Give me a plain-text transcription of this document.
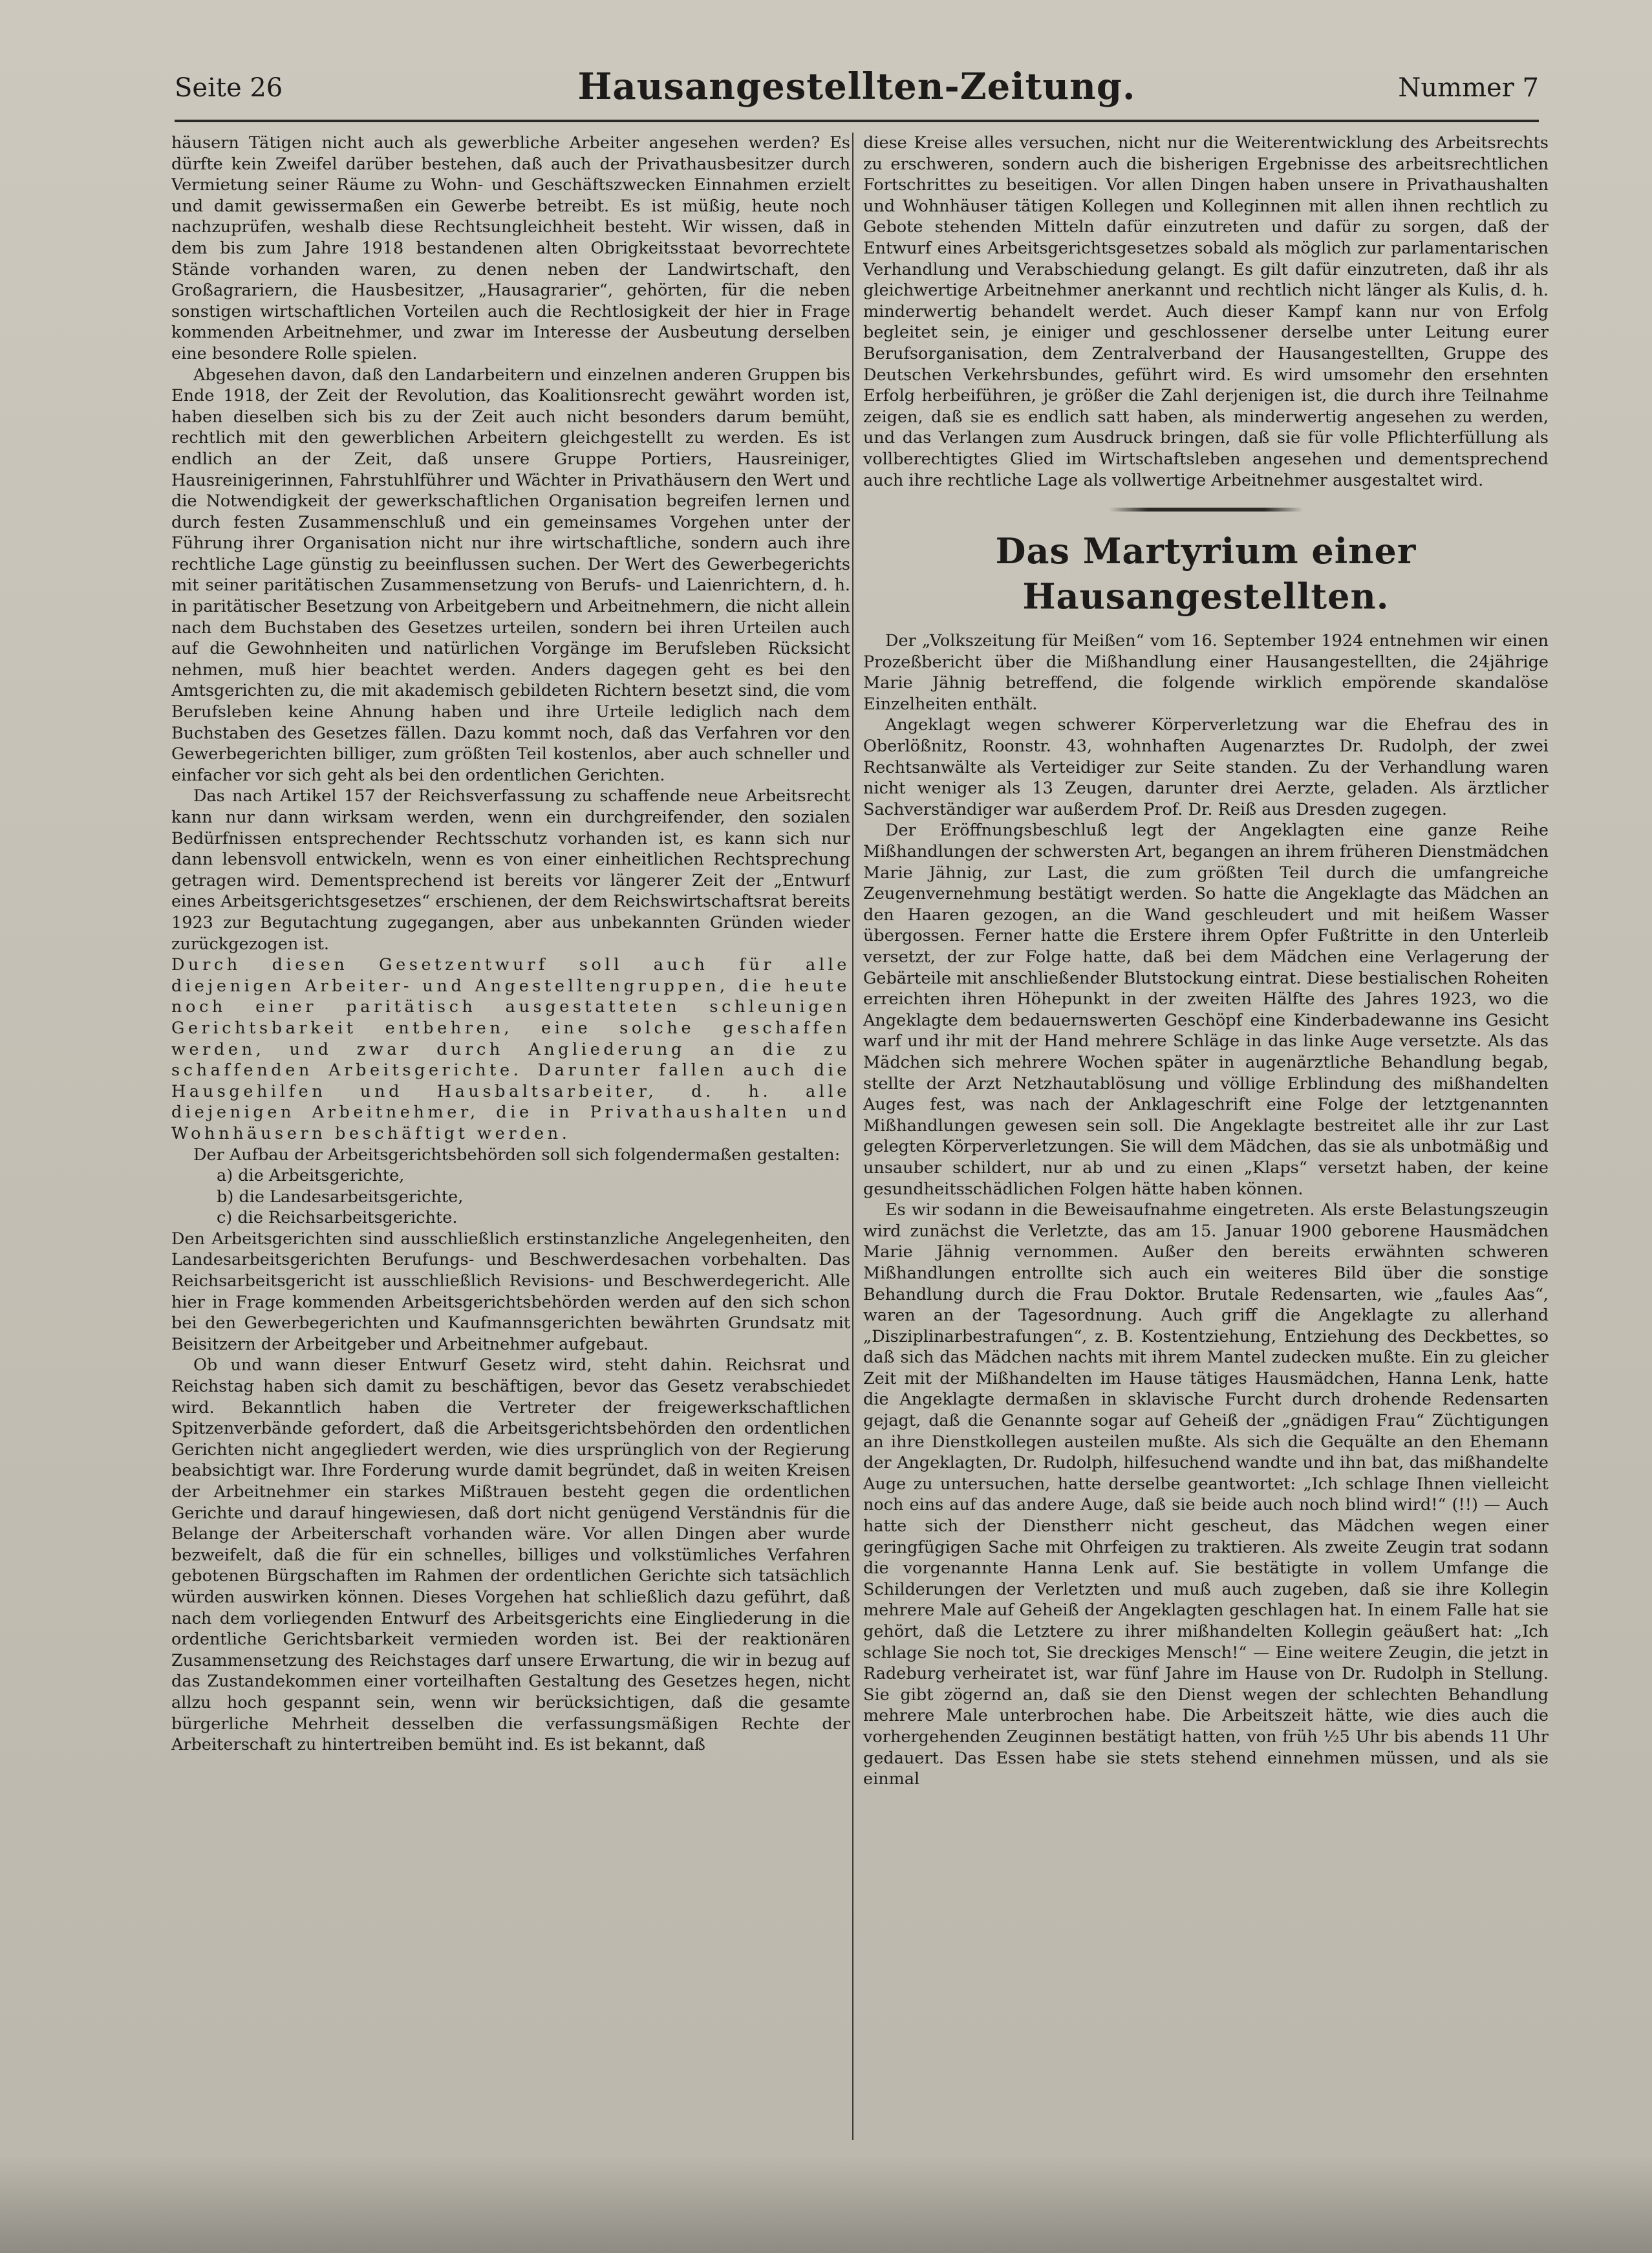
Seite 26	Hausangestellten-Zeitung.	Nummer 7

häusern Tätigen nicht auch als gewerbliche Arbeiter angesehen werden? Es dürfte kein Zweifel darüber bestehen, daß auch der Privathausbesitzer durch Vermietung seiner Räume zu Wohn- und Geschäftszwecken Einnahmen erzielt und damit gewissermaßen ein Gewerbe betreibt. Es ist müßig, heute noch nachzuprüfen, weshalb diese Rechtsungleichheit besteht. Wir wissen, daß in dem bis zum Jahre 1918 bestandenen alten Obrigkeitsstaat bevorrechtete Stände vorhanden waren, zu denen neben der Landwirtschaft, den Großagrariern, die Hausbesitzer, „Hausagrarier“, gehörten, für die neben sonstigen wirtschaftlichen Vorteilen auch die Rechtlosigkeit der hier in Frage kommenden Arbeitnehmer, und zwar im Interesse der Ausbeutung derselben eine besondere Rolle spielen.

Abgesehen davon, daß den Landarbeitern und einzelnen anderen Gruppen bis Ende 1918, der Zeit der Revolution, das Koalitionsrecht gewährt worden ist, haben dieselben sich bis zu der Zeit auch nicht besonders darum bemüht, rechtlich mit den gewerblichen Arbeitern gleichgestellt zu werden. Es ist endlich an der Zeit, daß unsere Gruppe Portiers, Hausreiniger, Hausreinigerinnen, Fahrstuhlführer und Wächter in Privathäusern den Wert und die Notwendigkeit der gewerkschaftlichen Organisation begreifen lernen und durch festen Zusammenschluß und ein gemeinsames Vorgehen unter der Führung ihrer Organisation nicht nur ihre wirtschaftliche, sondern auch ihre rechtliche Lage günstig zu beeinflussen suchen. Der Wert des Gewerbegerichts mit seiner paritätischen Zusammensetzung von Berufs- und Laienrichtern, d. h. in paritätischer Besetzung von Arbeitgebern und Arbeitnehmern, die nicht allein nach dem Buchstaben des Gesetzes urteilen, sondern bei ihren Urteilen auch auf die Gewohnheiten und natürlichen Vorgänge im Berufsleben Rücksicht nehmen, muß hier beachtet werden. Anders dagegen geht es bei den Amtsgerichten zu, die mit akademisch gebildeten Richtern besetzt sind, die vom Berufsleben keine Ahnung haben und ihre Urteile lediglich nach dem Buchstaben des Gesetzes fällen. Dazu kommt noch, daß das Verfahren vor den Gewerbegerichten billiger, zum größten Teil kostenlos, aber auch schneller und einfacher vor sich geht als bei den ordentlichen Gerichten.

Das nach Artikel 157 der Reichsverfassung zu schaffende neue Arbeitsrecht kann nur dann wirksam werden, wenn ein durchgreifender, den sozialen Bedürfnissen entsprechender Rechtsschutz vorhanden ist, es kann sich nur dann lebensvoll entwickeln, wenn es von einer einheitlichen Rechtsprechung getragen wird. Dementsprechend ist bereits vor längerer Zeit der „Entwurf eines Arbeitsgerichtsgesetzes“ erschienen, der dem Reichswirtschaftsrat bereits 1923 zur Begutachtung zugegangen, aber aus unbekannten Gründen wieder zurückgezogen ist.

Durch diesen Gesetzentwurf soll auch für alle diejenigen Arbeiter- und Angestelltengruppen, die heute noch einer paritätisch ausgestatteten schleunigen Gerichtsbarkeit entbehren, eine solche geschaffen werden, und zwar durch Angliederung an die zu schaffenden Arbeitsgerichte. Darunter fallen auch die Hausgehilfen und Hausbaltsarbeiter, d. h. alle diejenigen Arbeitnehmer, die in Privathaushalten und Wohnhäusern beschäftigt werden.

Der Aufbau der Arbeitsgerichtsbehörden soll sich folgendermaßen gestalten:

a) die Arbeitsgerichte,
b) die Landesarbeitsgerichte,
c) die Reichsarbeitsgerichte.

Den Arbeitsgerichten sind ausschließlich erstinstanzliche Angelegenheiten, den Landesarbeitsgerichten Berufungs- und Beschwerdesachen vorbehalten. Das Reichsarbeitsgericht ist ausschließlich Revisions- und Beschwerdegericht. Alle hier in Frage kommenden Arbeitsgerichtsbehörden werden auf den sich schon bei den Gewerbegerichten und Kaufmannsgerichten bewährten Grundsatz mit Beisitzern der Arbeitgeber und Arbeitnehmer aufgebaut.

Ob und wann dieser Entwurf Gesetz wird, steht dahin. Reichsrat und Reichstag haben sich damit zu beschäftigen, bevor das Gesetz verabschiedet wird. Bekanntlich haben die Vertreter der freigewerkschaftlichen Spitzenverbände gefordert, daß die Arbeitsgerichtsbehörden den ordentlichen Gerichten nicht angegliedert werden, wie dies ursprünglich von der Regierung beabsichtigt war. Ihre Forderung wurde damit begründet, daß in weiten Kreisen der Arbeitnehmer ein starkes Mißtrauen besteht gegen die ordentlichen Gerichte und darauf hingewiesen, daß dort nicht genügend Verständnis für die Belange der Arbeiterschaft vorhanden wäre. Vor allen Dingen aber wurde bezweifelt, daß die für ein schnelles, billiges und volkstümliches Verfahren gebotenen Bürgschaften im Rahmen der ordentlichen Gerichte sich tatsächlich würden auswirken können. Dieses Vorgehen hat schließlich dazu geführt, daß nach dem vorliegenden Entwurf des Arbeitsgerichts eine Eingliederung in die ordentliche Gerichtsbarkeit vermieden worden ist. Bei der reaktionären Zusammensetzung des Reichstages darf unsere Erwartung, die wir in bezug auf das Zustandekommen einer vorteilhaften Gestaltung des Gesetzes hegen, nicht allzu hoch gespannt sein, wenn wir berücksichtigen, daß die gesamte bürgerliche Mehrheit desselben die verfassungsmäßigen Rechte der Arbeiterschaft zu hintertreiben bemüht ind. Es ist bekannt, daß

diese Kreise alles versuchen, nicht nur die Weiterentwicklung des Arbeitsrechts zu erschweren, sondern auch die bisherigen Ergebnisse des arbeitsrechtlichen Fortschrittes zu beseitigen. Vor allen Dingen haben unsere in Privathaushalten und Wohnhäuser tätigen Kollegen und Kolleginnen mit allen ihnen rechtlich zu Gebote stehenden Mitteln dafür einzutreten und dafür zu sorgen, daß der Entwurf eines Arbeitsgerichtsgesetzes sobald als möglich zur parlamentarischen Verhandlung und Verabschiedung gelangt. Es gilt dafür einzutreten, daß ihr als gleichwertige Arbeitnehmer anerkannt und rechtlich nicht länger als Kulis, d. h. minderwertig behandelt werdet. Auch dieser Kampf kann nur von Erfolg begleitet sein, je einiger und geschlossener derselbe unter Leitung eurer Berufsorganisation, dem Zentralverband der Hausangestellten, Gruppe des Deutschen Verkehrsbundes, geführt wird. Es wird umsomehr den ersehnten Erfolg herbeiführen, je größer die Zahl derjenigen ist, die durch ihre Teilnahme zeigen, daß sie es endlich satt haben, als minderwertig angesehen zu werden, und das Verlangen zum Ausdruck bringen, daß sie für volle Pflichterfüllung als vollberechtigtes Glied im Wirtschaftsleben angesehen und dementsprechend auch ihre rechtliche Lage als vollwertige Arbeitnehmer ausgestaltet wird.

Das Martyrium einer Hausangestellten.

Der „Volkszeitung für Meißen“ vom 16. September 1924 entnehmen wir einen Prozeßbericht über die Mißhandlung einer Hausangestellten, die 24jährige Marie Jähnig betreffend, die folgende wirklich empörende skandalöse Einzelheiten enthält.

Angeklagt wegen schwerer Körperverletzung war die Ehefrau des in Oberlößnitz, Roonstr. 43, wohnhaften Augenarztes Dr. Rudolph, der zwei Rechtsanwälte als Verteidiger zur Seite standen. Zu der Verhandlung waren nicht weniger als 13 Zeugen, darunter drei Aerzte, geladen. Als ärztlicher Sachverständiger war außerdem Prof. Dr. Reiß aus Dresden zugegen.

Der Eröffnungsbeschluß legt der Angeklagten eine ganze Reihe Mißhandlungen der schwersten Art, begangen an ihrem früheren Dienstmädchen Marie Jähnig, zur Last, die zum größten Teil durch die umfangreiche Zeugenvernehmung bestätigt werden. So hatte die Angeklagte das Mädchen an den Haaren gezogen, an die Wand geschleudert und mit heißem Wasser übergossen. Ferner hatte die Erstere ihrem Opfer Fußtritte in den Unterleib versetzt, der zur Folge hatte, daß bei dem Mädchen eine Verlagerung der Gebärteile mit anschließender Blutstockung eintrat. Diese bestialischen Roheiten erreichten ihren Höhepunkt in der zweiten Hälfte des Jahres 1923, wo die Angeklagte dem bedauernswerten Geschöpf eine Kinderbadewanne ins Gesicht warf und ihr mit der Hand mehrere Schläge in das linke Auge versetzte. Als das Mädchen sich mehrere Wochen später in augenärztliche Behandlung begab, stellte der Arzt Netzhautablösung und völlige Erblindung des mißhandelten Auges fest, was nach der Anklageschrift eine Folge der letztgenannten Mißhandlungen gewesen sein soll. Die Angeklagte bestreitet alle ihr zur Last gelegten Körperverletzungen. Sie will dem Mädchen, das sie als unbotmäßig und unsauber schildert, nur ab und zu einen „Klaps“ versetzt haben, der keine gesundheitsschädlichen Folgen hätte haben können.

Es wir sodann in die Beweisaufnahme eingetreten. Als erste Belastungszeugin wird zunächst die Verletzte, das am 15. Januar 1900 geborene Hausmädchen Marie Jähnig vernommen. Außer den bereits erwähnten schweren Mißhandlungen entrollte sich auch ein weiteres Bild über die sonstige Behandlung durch die Frau Doktor. Brutale Redensarten, wie „faules Aas“, waren an der Tagesordnung. Auch griff die Angeklagte zu allerhand „Disziplinarbestrafungen“, z. B. Kostentziehung, Entziehung des Deckbettes, so daß sich das Mädchen nachts mit ihrem Mantel zudecken mußte. Ein zu gleicher Zeit mit der Mißhandelten im Hause tätiges Hausmädchen, Hanna Lenk, hatte die Angeklagte dermaßen in sklavische Furcht durch drohende Redensarten gejagt, daß die Genannte sogar auf Geheiß der „gnädigen Frau“ Züchtigungen an ihre Dienstkollegen austeilen mußte. Als sich die Gequälte an den Ehemann der Angeklagten, Dr. Rudolph, hilfesuchend wandte und ihn bat, das mißhandelte Auge zu untersuchen, hatte derselbe geantwortet: „Ich schlage Ihnen vielleicht noch eins auf das andere Auge, daß sie beide auch noch blind wird!“ (!!) — Auch hatte sich der Dienstherr nicht gescheut, das Mädchen wegen einer geringfügigen Sache mit Ohrfeigen zu traktieren. Als zweite Zeugin trat sodann die vorgenannte Hanna Lenk auf. Sie bestätigte in vollem Umfange die Schilderungen der Verletzten und muß auch zugeben, daß sie ihre Kollegin mehrere Male auf Geheiß der Angeklagten geschlagen hat. In einem Falle hat sie gehört, daß die Letztere zu ihrer mißhandelten Kollegin geäußert hat: „Ich schlage Sie noch tot, Sie dreckiges Mensch!“ — Eine weitere Zeugin, die jetzt in Radeburg verheiratet ist, war fünf Jahre im Hause von Dr. Rudolph in Stellung. Sie gibt zögernd an, daß sie den Dienst wegen der schlechten Behandlung mehrere Male unterbrochen habe. Die Arbeitszeit hätte, wie dies auch die vorhergehenden Zeuginnen bestätigt hatten, von früh ½5 Uhr bis abends 11 Uhr gedauert. Das Essen habe sie stets stehend einnehmen müssen, und als sie einmal
